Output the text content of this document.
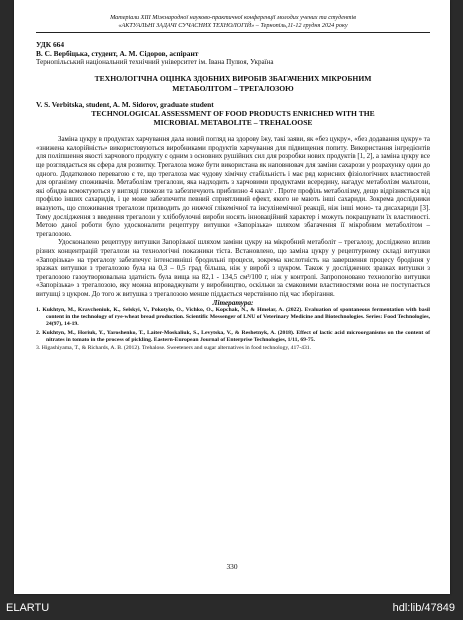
Матеріали XIII Міжнародної науково-практичної конференції молодих учених та студентів
«АКТУАЛЬНІ ЗАДАЧІ СУЧАСНИХ ТЕХНОЛОГІЙ» – Тернопіль,11-12 грудня 2024 року
УДК 664
В. С. Вербіцька, студент, А. М. Сідоров, аспірант
Тернопільський національний технічний університет ім. Івана Пулюя, Україна
ТЕХНОЛОГІЧНА ОЦІНКА ЗДОБНИХ ВИРОБІВ ЗБАГАЧЕНИХ МІКРОБНИМ
МЕТАБОЛІТОМ – ТРЕГАЛОЗОЮ
V. S. Verbitska, student, A. M. Sidorov, graduate student
TECHNOLOGICAL ASSESSMENT OF FOOD PRODUCTS ENRICHED WITH THE
MICROBIAL METABOLITE – TREHALOOSE

Заміна цукру в продуктах харчування дала новий погляд на здорову їжу, такі заяви, як «без цукру», «без додавання цукру» та «знижена калорійність» використовуються виробниками продуктів харчування для підвищення попиту. Використання інгредієнтів для поліпшення якості харчового продукту є одним з основних рушійних сил для розробки нових продуктів [1, 2], а заміна цукру все ще розглядається як сфера для розвитку. Трегалоза може бути використана як наповнювач для заміни сахарози у розрахунку один до одного. Додатковою перевагою є те, що трегалоза має чудову хімічну стабільність і має ряд корисних фізіологічних властивостей для організму споживачів. Метаболізм трегалози, яка надходить з харчовими продуктами всередину, нагадує метаболізм мальтози, які обидва всмоктуються у вигляді глюкози та забезпечують приблизно 4 ккал/г . Проте профіль метаболізму, дещо відрізняється від профілю інших сахаридів, і це може забезпечити певний сприятливий ефект, якого не мають інші сахариди. Зокрема дослідники вказують, що споживання трегалози призводить до нижчої глікемічної та інсулінемічної реакції, ніж інші моно- та дисахариди [3]. Тому дослідження з введення трегалози у хлібобулочні вироби носять інноваційний характер і можуть покращувати їх властивості. Метою даної роботи було удосконалити рецептуру витушки «Запорізька» шляхом збагачення її мікробним метаболітом – трегалозою.

Удосконалено рецептуру витушки Запорізької шляхом заміни цукру на мікробний метаболіт – трегалозу, досліджено вплив різних концентрацій трегалози на технологічні показники тіста. Встановлено, що заміна цукру у рецептурному складі витушки «Запорізька» на трегалозу забезпечує інтенсивніші бродильні процеси, зокрема кислотність на завершення процесу бродіння у зразках витушки з трегалозою була на 0,3 – 0,5 град більша, ніж у виробі з цукром. Також у досліджених зразках витушки з трегалозою газоутворювальна здатність була вища на 82,1 - 134,5 см³/100 г, ніж у контролі. Запропоновано технологію витушки «Запорізька» з трегалозою, яку можна впроваджувати у виробництво, оскільки за смаковими властивостями вона не поступається витушці з цукром. До того ж витушка з трегалозою менше піддається черствінню під час зберігання.

Література:

1. Kukhtyn, M., Kravcheniuk, K., Selskyi, V., Pokotylo, O., Vichko, O., Kopchak, N., & Hmelar, A. (2022). Evaluation of spontaneous fermentation with basil content in the technology of rye-wheat bread production. Scientific Messenger of LNU of Veterinary Medicine and Biotechnologies. Series: Food Technologies, 24(97), 14-19.

2. Kukhtyn, M., Horiuk, Y., Yaroshenko, T., Laiter-Moskaliuk, S., Levytska, V., & Reshetnyk, A. (2018). Effect of lactic acid microorganisms on the content of nitrates in tomato in the process of pickling. Eastern-European Journal of Enterprise Technologies, 1/11, 69-75.

3. Higashiyama, T., & Richards, A. B. (2012). Trehalose. Sweeteners and sugar alternatives in food technology, 417-431.

330
ELARTU	hdl:lib/47849
